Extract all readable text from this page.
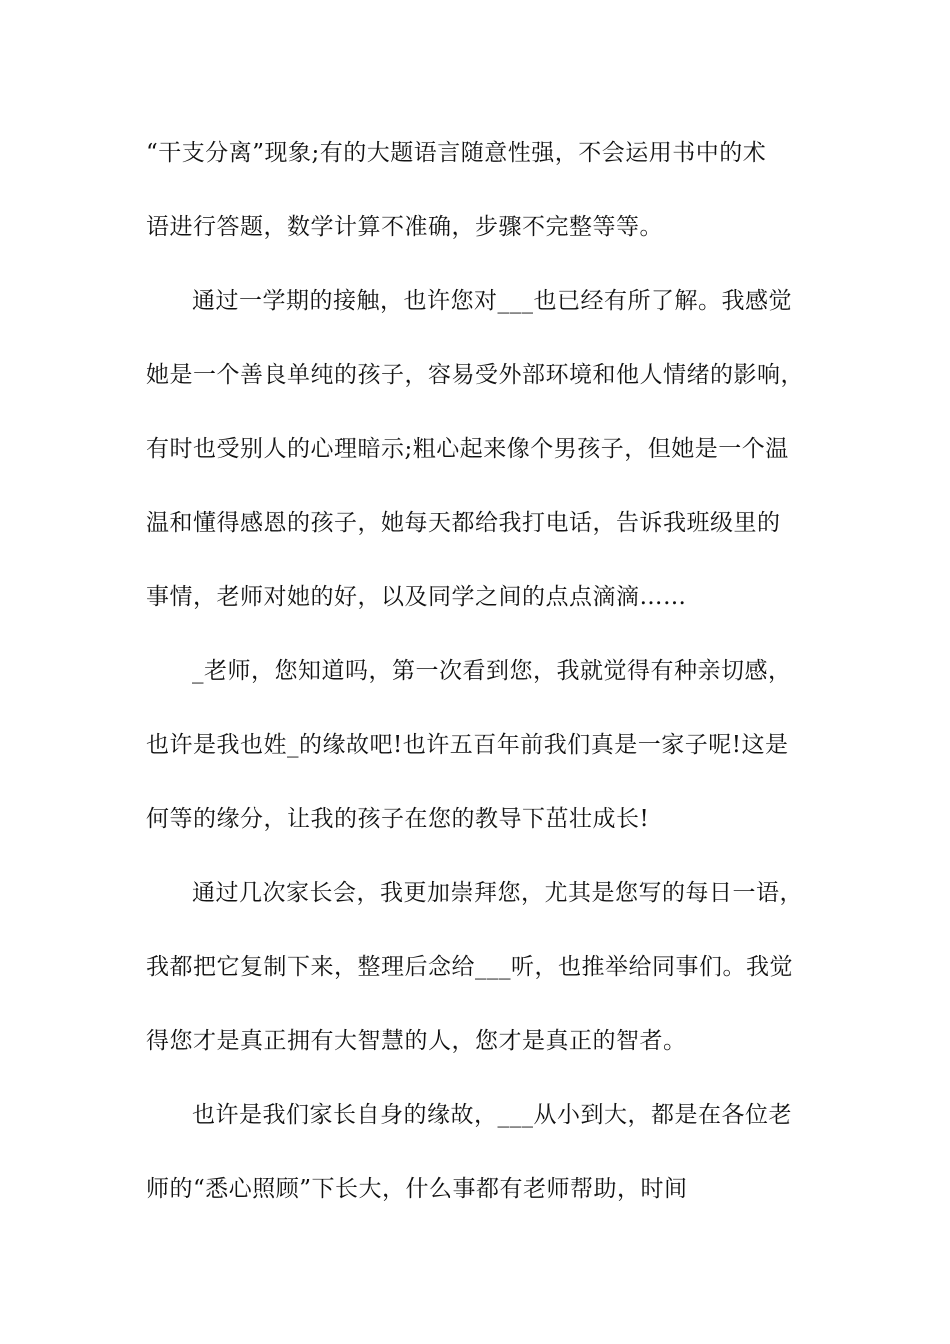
“干支分离”现象;有的大题语言随意性强，不会运用书中的术
语进行答题，数学计算不准确，步骤不完整等等。
通过一学期的接触，也许您对___也已经有所了解。我感觉
她是一个善良单纯的孩子，容易受外部环境和他人情绪的影响，
有时也受别人的心理暗示;粗心起来像个男孩子，但她是一个温
温和懂得感恩的孩子，她每天都给我打电话，告诉我班级里的
事情，老师对她的好，以及同学之间的点点滴滴……
_老师，您知道吗，第一次看到您，我就觉得有种亲切感，
也许是我也姓_的缘故吧!也许五百年前我们真是一家子呢!这是
何等的缘分，让我的孩子在您的教导下茁壮成长!
通过几次家长会，我更加崇拜您，尤其是您写的每日一语，
我都把它复制下来，整理后念给___听，也推举给同事们。我觉
得您才是真正拥有大智慧的人，您才是真正的智者。
也许是我们家长自身的缘故，___从小到大，都是在各位老
师的“悉心照顾”下长大，什么事都有老师帮助，时间
